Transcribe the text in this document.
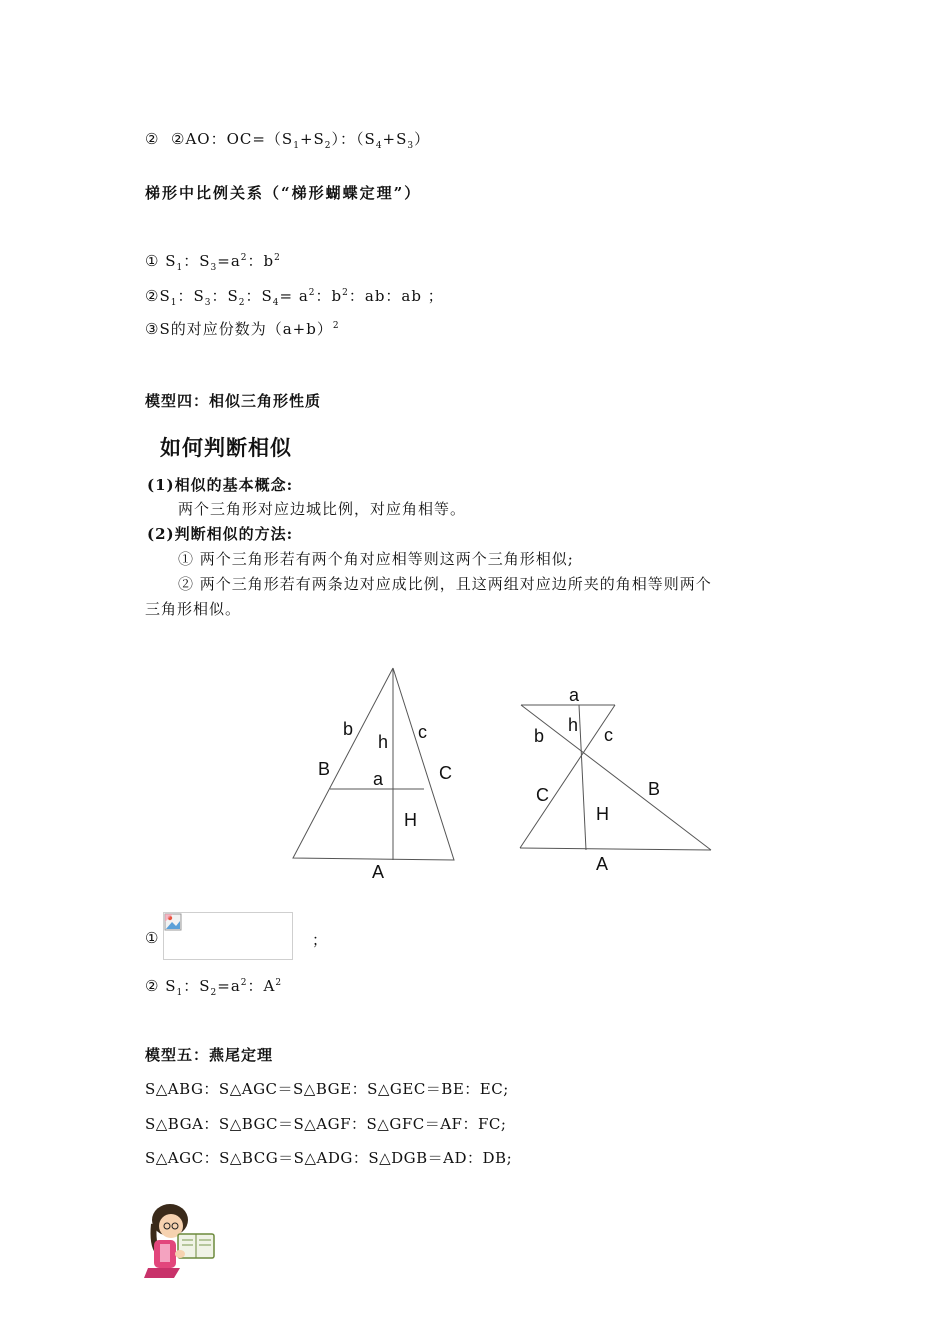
② ②AO：$OC=(S_1+S_2)$：$(S_4+S_3)$
梯形中比例关系（“梯形蝴蝶定理”）
① $S_1$：$S_3=a^2$：$b^2$
$②S_1$：$S_3$：$S_2$：$S_4= a^2$：$b^2$：ab：ab ；
③S的对应份数为$(a+b)^2$
模型四：相似三角形性质
如何判断相似
(1)相似的基本概念:
两个三角形对应边城比例，对应角相等。
(2)判断相似的方法:
① 两个三角形若有两个角对应相等则这两个三角形相似;
② 两个三角形若有两条边对应成比例，且这两组对应边所夹的角相等则两个
三角形相似。
b
h c
B a	C
H
A
a
h
b	c
C	B
H
A
①	；
② $S_1$：$S_2=a^2$：$A^2$
模型五：燕尾定理
S△ABG：S△AGC＝S△BGE：S△GEC＝BE：EC;
S△BGA：S△BGC＝S△AGF：S△GFC＝AF：FC;
S△AGC：S△BCG＝S△ADG：S△DGB＝AD：DB;
